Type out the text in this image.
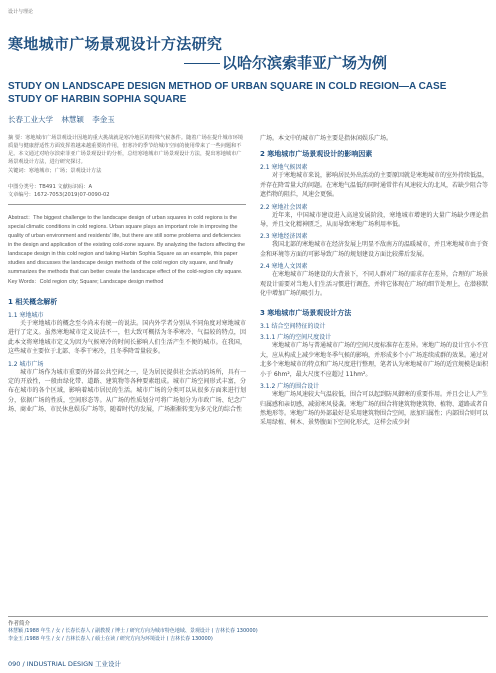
设计与理论
寒地城市广场景观设计方法研究
以哈尔滨索菲亚广场为例
STUDY ON LANDSCAPE DESIGN METHOD OF URBAN SQUARE IN COLD REGION—A CASE STUDY OF HARBIN SOPHIA SQUARE
长春工业大学 林慧颖 李金玉
摘 要：寒地城市广场景观设计因地的重大挑战就是寒冷地区的特殊气候条件。随着广场在提升城市环境质量与健康舒适性方面发挥着越来越重要的作用，但寒冷的季节给城市空间的使用带来了一些问题和不足。本文通过对哈尔滨索菲亚广场景观设计的分析，总结寒地城市广场景观设计方法，提出寒地城市广场景观设计方法，进行研究探讨。
关键词：寒地城市；广场；景观设计方法
中图分类号：TB491 文献标识码：A
文章编号：1672-7053(2019)07-0090-02
Abstract：The biggest challenge to the landscape design of urban squares in cold regions is the special climatic conditions in cold regions. Urban square plays an important role in improving the quality of urban environment and residents' life, but there are still some problems and deficiencies in the design and application of the existing cold-zone square. By analyzing the factors affecting the landscape design in this cold region and taking Harbin Sophia Square as an example, this paper studies and discusses the landscape design methods of the cold region city square, and finally summarizes the methods that can better create the landscape effect of the cold-region city square.
Key Words：Cold region city; Square; Landscape design method
1 相关概念解析
1.1 寒地城市

关于寒地城市的概念至今尚未有统一的说法。国内外学者分别从不同角度对寒地城市进行了定义。虽然寒地城市定义说法不一，但大致可概括为冬季寒冷、气温较的特点，因此本文将寒地城市定义为因为气候寒冷的时间长影响人们生活产生不便的城市。在我国，这些城市主要位于北部、冬季干寒冷，且冬季降雪量较多。

1.2 城市广场

城市广场作为城市重要的外部公共空间之一，是为居民提供社会活动的场所，具有一定的开放性，一般由绿化带、道路、建筑物等各种要素组成。城市广场空间形式丰富，分布在城市的各个区域，影响着城市居民的生活。城市广场的分类可以从很多方面来进行划分，依据广场的性质，空间形态等。从广场的性质划分可将广场划分为市政广场、纪念广场、商业广场、市民休息娱乐广场等，随着时代的发展，广场渐渐转变为多元化的综合性

广场。本文中的城市广场主要是指休闲娱乐广场。

2 寒地城市广场景观设计的影响因素
2.1 寒地气候因素

对于寒地城市来说，影响居民外出活动的主要原因就是寒地城市的室外持续低温，并存在降雪量大的问题。在寒地气温低的同时通常伴有风速较大的北风，若缺少阻合等遮挡物的阻拦，风速会更强。

2.2 寒地社会因素

近年来，中国城市建设进入高速发展阶段，寒地城市增建的大量广场缺少理论指导，并且文化精神匮乏，从而导致寒地广场利用率低。

2.3 寒地经济因素

我国北部的寒地城市在经济发展上明显不敌南方的温暖城市，并且寒地城市由于资金和环境等方面的可影导致广场的规划建设方面比较滞后发展。

2.4 寒地人文因素

在寒地城市广场建设的大背景下，不同人群对广场的需求存在差异，合理的广场景观设计需要对当地人们生活习惯进行调查，并将它体现在广场的细节处理上，在潜移默化中增加广场的吸引力。

3 寒地城市广场景观设计方法
3.1 结合空间特征的设计
3.1.1 广场的空间尺度设计

寒地城市广场与普通城市广场的空间尺度标准存在差异。寒地广场的设计宜小不宜大，应从构成上减少寒地冬季气候的影响，并形成多个小广场连续成群的效果。通过对北多个寒地城市的特点和广场尺度进行整理，笔者认为寒地城市广场的适宜规模是面积小于 6hm²，最大尺度不应超过 11hm²。

3.1.2 广场的围合设计

寒地广场风速较大气温较低，围合可以起到防风御寒的重要作用。并且会让人产生归属感和亲切感，减弱寒风侵袭。寒地广场的围合将建筑物建筑物、植物、道路或者自然地形等。寒地广场的外部最好是采用建筑物围合空间，底加归属性；内部围合则可以采用绿植、树木、景势腹面下空间化形式，这样会成少封

作者简介
林慧颖 /1988 年生 / 女 / 长春长春人 / 副教授 / 博士 / 研究方向为城市特色地域、景观设计 ( 吉林长春 130000)
李金玉 /1988 年生 / 女 / 吉林长春人 / 硕士在读 / 研究方向为环境设计 ( 吉林长春 130000)
090 / INDUSTRIAL DESIGN 工业设计
